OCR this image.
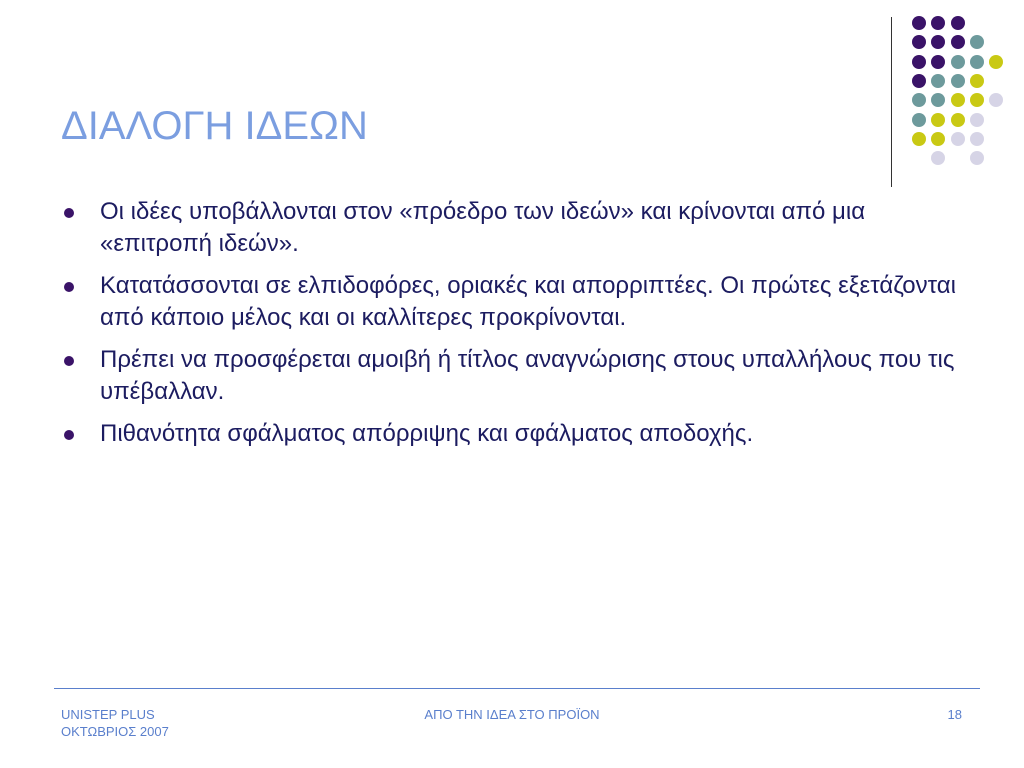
ΔΙΑΛΟΓΗ ΙΔΕΩΝ
Οι ιδέες υποβάλλονται στον «πρόεδρο των ιδεών» και κρίνονται από μια «επιτροπή ιδεών».
Κατατάσσονται σε ελπιδοφόρες, οριακές και απορριπτέες. Οι πρώτες εξετάζονται από κάποιο μέλος και οι καλλίτερες προκρίνονται.
Πρέπει να προσφέρεται αμοιβή ή τίτλος αναγνώρισης στους υπαλλήλους που τις υπέβαλλαν.
Πιθανότητα σφάλματος απόρριψης και σφάλματος αποδοχής.
UNISTEP PLUS
ΟΚΤΩΒΡΙΟΣ 2007
ΑΠΟ ΤΗΝ ΙΔΕΑ ΣΤΟ ΠΡΟΪΟΝ	18
